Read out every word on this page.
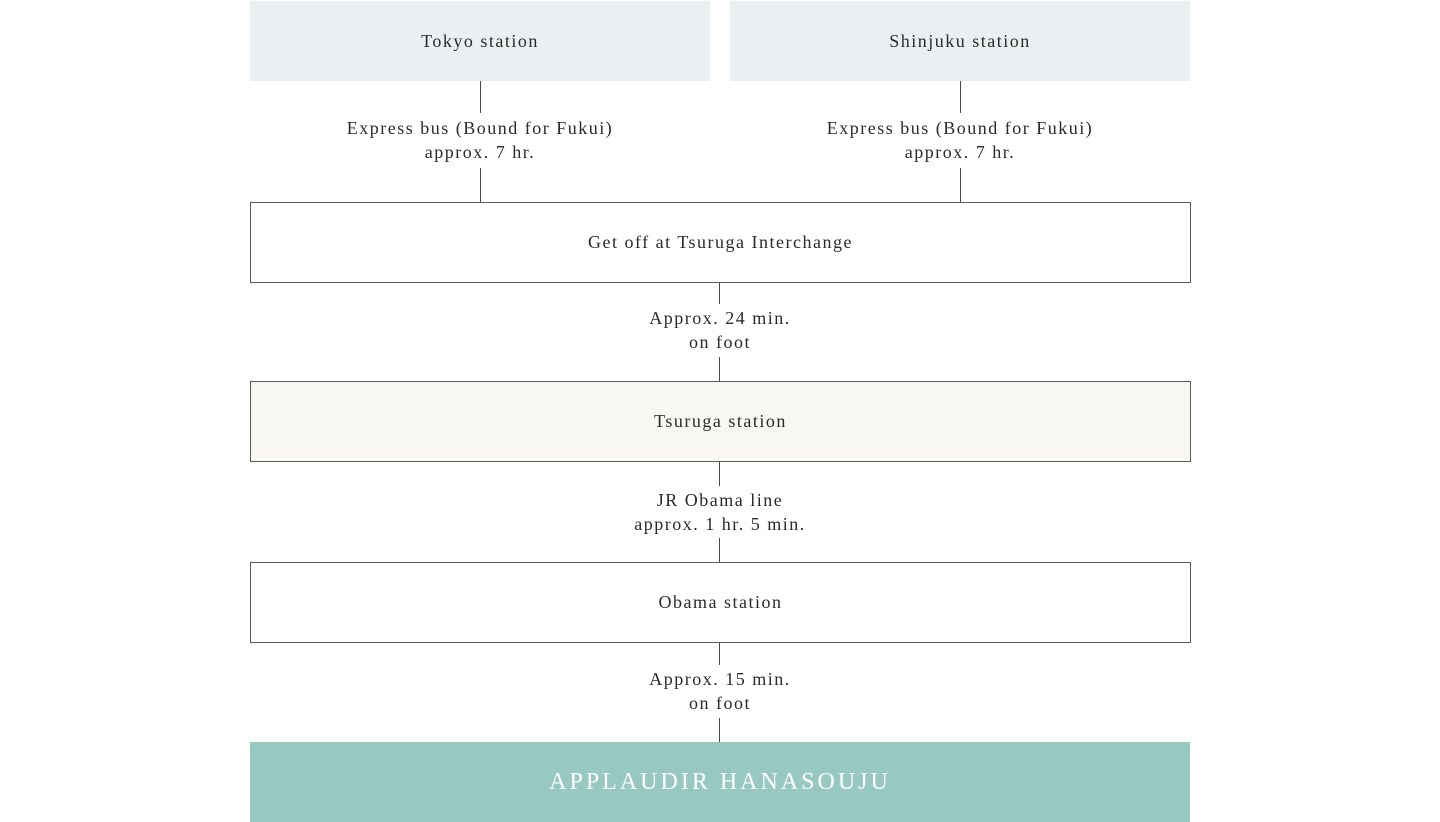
Tokyo station	Shinjuku station
Express bus (Bound for Fukui)
approx. 7 hr.
Express bus (Bound for Fukui)
approx. 7 hr.
Get off at Tsuruga Interchange
Approx. 24 min.
on foot
Tsuruga station
JR Obama line
approx. 1 hr. 5 min.
Obama station
Approx. 15 min.
on foot
APPLAUDIR HANASOUJU
